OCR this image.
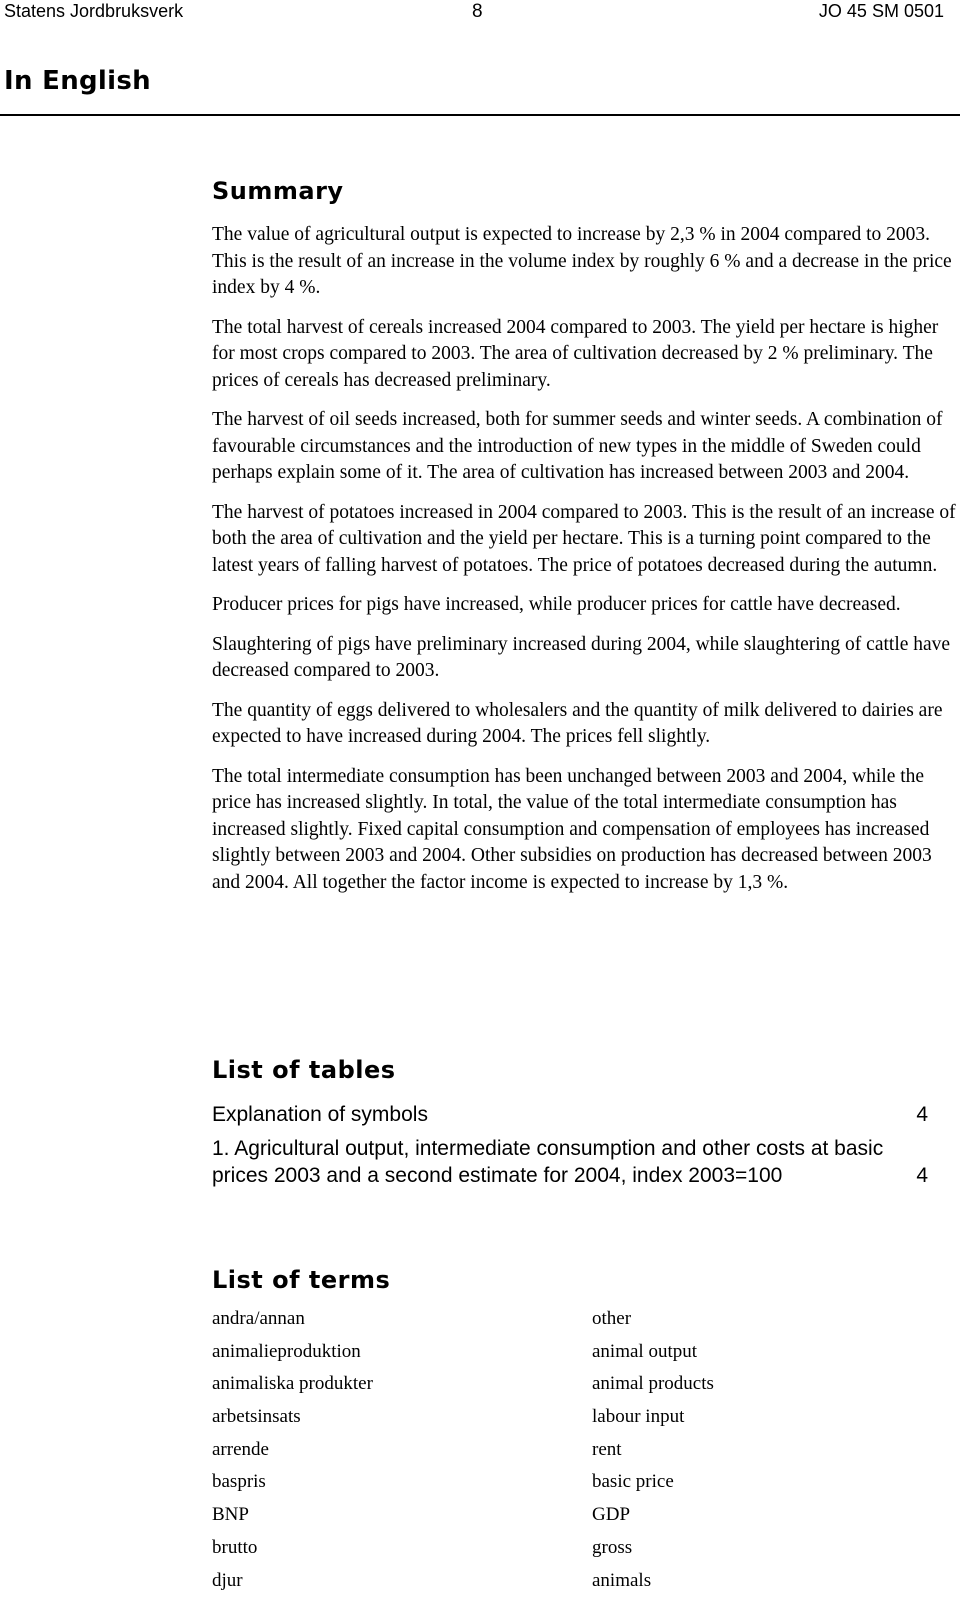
Statens Jordbruksverk	8	JO 45 SM 0501
In English
Summary

The value of agricultural output is expected to increase by 2,3 % in 2004 compared to 2003. This is the result of an increase in the volume index by roughly 6 % and a decrease in the price index by 4 %.

The total harvest of cereals increased 2004 compared to 2003. The yield per hectare is higher for most crops compared to 2003. The area of cultivation decreased by 2 % preliminary. The prices of cereals has decreased preliminary.

The harvest of oil seeds increased, both for summer seeds and winter seeds. A combination of favourable circumstances and the introduction of new types in the middle of Sweden could perhaps explain some of it. The area of cultivation has increased between 2003 and 2004.

The harvest of potatoes increased in 2004 compared to 2003. This is the result of an increase of both the area of cultivation and the yield per hectare. This is a turning point compared to the latest years of falling harvest of potatoes. The price of potatoes decreased during the autumn.

Producer prices for pigs have increased, while producer prices for cattle have decreased.

Slaughtering of pigs have preliminary increased during 2004, while slaughtering of cattle have decreased compared to 2003.

The quantity of eggs delivered to wholesalers and the quantity of milk delivered to dairies are expected to have increased during 2004. The prices fell slightly.

The total intermediate consumption has been unchanged between 2003 and 2004, while the price has increased slightly. In total, the value of the total intermediate consumption has increased slightly. Fixed capital consumption and compensation of employees has increased slightly between 2003 and 2004. Other subsidies on production has decreased between 2003 and 2004. All together the factor income is expected to increase by 1,3 %.

List of tables
Explanation of symbols	4
1. Agricultural output, intermediate consumption and other costs at basic prices 2003 and a second estimate for 2004, index 2003=100	4
List of terms
andra/annan	other
animalieproduktion	animal output
animaliska produkter	animal products
arbetsinsats	labour input
arrende	rent
baspris	basic price
BNP	GDP
brutto	gross
djur	animals
